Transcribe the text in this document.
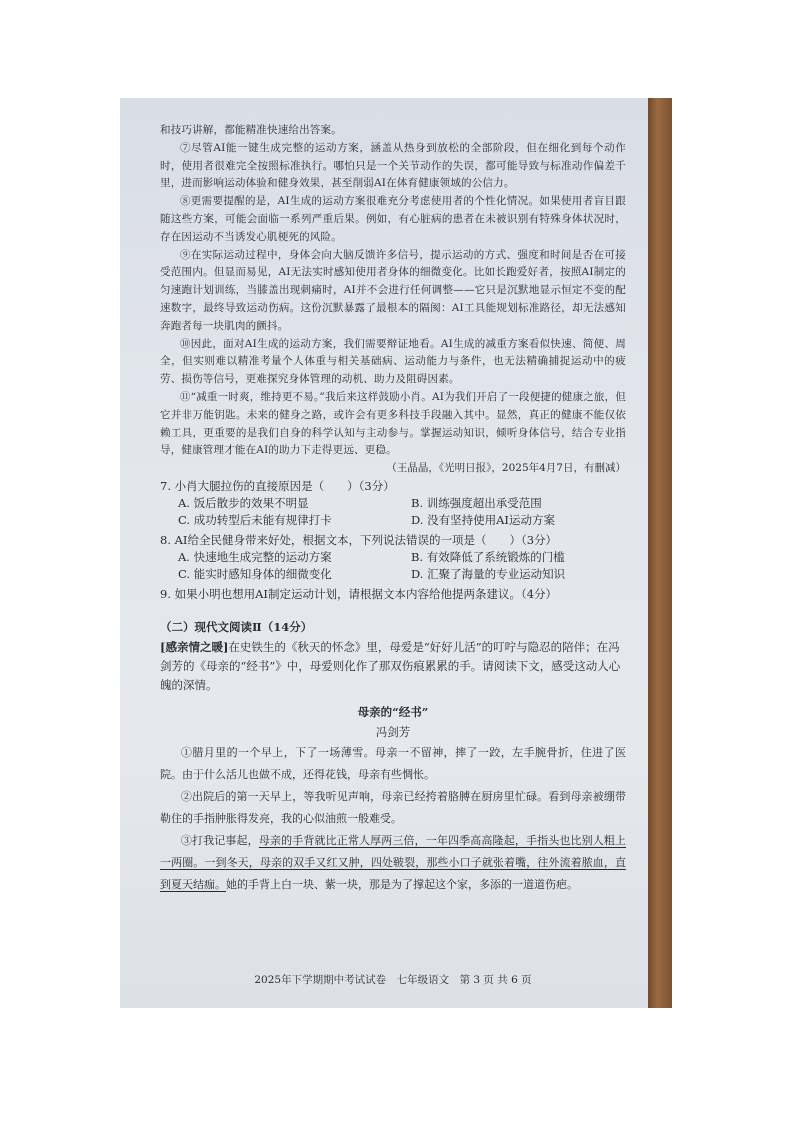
和技巧讲解，都能精准快速给出答案。

⑦尽管AI能一键生成完整的运动方案，涵盖从热身到放松的全部阶段，但在细化到每个动作时，使用者很难完全按照标准执行。哪怕只是一个关节动作的失误，都可能导致与标准动作偏差千里，进而影响运动体验和健身效果，甚至削弱AI在体育健康领域的公信力。

⑧更需要提醒的是，AI生成的运动方案很难充分考虑使用者的个性化情况。如果使用者盲目跟随这些方案，可能会面临一系列严重后果。例如，有心脏病的患者在未被识别有特殊身体状况时，存在因运动不当诱发心肌梗死的风险。

⑨在实际运动过程中，身体会向大脑反馈许多信号，提示运动的方式、强度和时间是否在可接受范围内。但显而易见，AI无法实时感知使用者身体的细微变化。比如长跑爱好者，按照AI制定的匀速跑计划训练，当膝盖出现刺痛时，AI并不会进行任何调整——它只是沉默地显示恒定不变的配速数字，最终导致运动伤病。这份沉默暴露了最根本的隔阂：AI工具能规划标准路径，却无法感知奔跑者每一块肌肉的颤抖。

⑩因此，面对AI生成的运动方案，我们需要辩证地看。AI生成的减重方案看似快速、简便、周全，但实则难以精准考量个人体重与相关基础病、运动能力与条件，也无法精确捕捉运动中的疲劳、损伤等信号，更难探究身体管理的动机、助力及阻碍因素。

⑪“减重一时爽，维持更不易。”我后来这样鼓励小肖。AI为我们开启了一段便捷的健康之旅，但它并非万能钥匙。未来的健身之路，或许会有更多科技手段融入其中。显然，真正的健康不能仅依赖工具，更重要的是我们自身的科学认知与主动参与。掌握运动知识，倾听身体信号，结合专业指导，健康管理才能在AI的助力下走得更远、更稳。

（王晶晶，《光明日报》，2025年4月7日，有删减）
7. 小肖大腿拉伤的直接原因是（　　）（3分）
A. 饭后散步的效果不明显	B. 训练强度超出承受范围
C. 成功转型后未能有规律打卡	D. 没有坚持使用AI运动方案
8. AI给全民健身带来好处，根据文本，下列说法错误的一项是（　　）（3分）
A. 快速地生成完整的运动方案	B. 有效降低了系统锻炼的门槛
C. 能实时感知身体的细微变化	D. 汇聚了海量的专业运动知识
9. 如果小明也想用AI制定运动计划，请根据文本内容给他提两条建议。（4分）
（二）现代文阅读Ⅱ（14分）
[感亲情之暖]在史铁生的《秋天的怀念》里，母爱是“好好儿活”的叮咛与隐忍的陪伴；在冯剑芳的《母亲的“经书”》中，母爱则化作了那双伤痕累累的手。请阅读下文，感受这动人心魄的深情。
母亲的“经书”
冯剑芳

①腊月里的一个早上，下了一场薄雪。母亲一不留神，摔了一跤，左手腕骨折，住进了医院。由于什么活儿也做不成，还得花钱，母亲有些惆怅。

②出院后的第一天早上，等我听见声响，母亲已经挎着胳膊在厨房里忙碌。看到母亲被绷带勒住的手指肿胀得发亮，我的心似油煎一般难受。

③打我记事起，母亲的手背就比正常人厚两三倍，一年四季高高隆起，手指头也比别人粗上一两圈。一到冬天，母亲的双手又红又肿，四处皲裂，那些小口子就张着嘴，往外流着脓血，直到夏天结痂。她的手背上白一块、紫一块，那是为了撑起这个家，多添的一道道伤疤。

2025年下学期期中考试试卷　七年级语文　第 3 页 共 6 页
